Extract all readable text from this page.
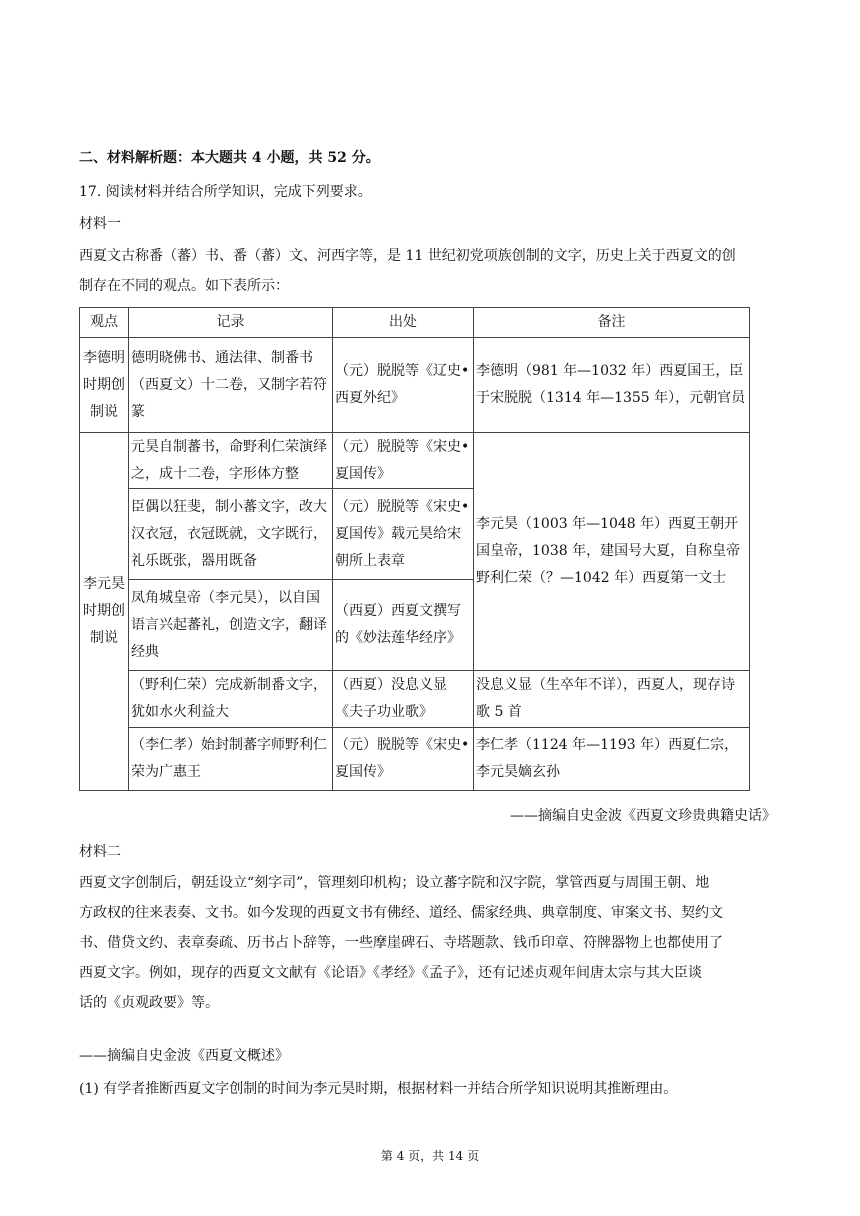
二、材料解析题：本大题共 4 小题，共 52 分。
17. 阅读材料并结合所学知识，完成下列要求。
材料一
西夏文古称番（蕃）书、番（蕃）文、河西字等，是 11 世纪初党项族创制的文字，历史上关于西夏文的创
制存在不同的观点。如下表所示：
观点	记录	出处	备注
李德明时期创制说	德明晓佛书、通法律、制番书（西夏文）十二卷，又制字若符篆	（元）脱脱等《辽史•西夏外纪》	李德明（981 年—1032 年）西夏国王，臣于宋脱脱（1314 年—1355 年），元朝官员
李元昊时期创制说	元昊自制蕃书，命野利仁荣演绎之，成十二卷，字形体方整	（元）脱脱等《宋史•夏国传》	李元昊（1003 年—1048 年）西夏王朝开国皇帝，1038 年，建国号大夏，自称皇帝野利仁荣（？—1042 年）西夏第一文士
	臣偶以狂斐，制小蕃文字，改大汉衣冠，衣冠既就，文字既行，礼乐既张，器用既备	（元）脱脱等《宋史•夏国传》载元昊给宋朝所上表章	
	凤角城皇帝（李元昊），以自国语言兴起蕃礼，创造文字，翻译经典	（西夏）西夏文撰写的《妙法莲华经序》	
	（野利仁荣）完成新制番文字，犹如水火利益大	（西夏）没息义显《夫子功业歌》	没息义显（生卒年不详），西夏人，现存诗歌 5 首
	（李仁孝）始封制蕃字师野利仁荣为广惠王	（元）脱脱等《宋史•夏国传》	李仁孝（1124 年—1193 年）西夏仁宗，李元昊嫡玄孙
——摘编自史金波《西夏文珍贵典籍史话》
材料二
西夏文字创制后，朝廷设立“刻字司”，管理刻印机构；设立蕃字院和汉字院，掌管西夏与周围王朝、地
方政权的往来表奏、文书。如今发现的西夏文书有佛经、道经、儒家经典、典章制度、审案文书、契约文
书、借贷文约、表章奏疏、历书占卜辞等，一些摩崖碑石、寺塔题款、钱币印章、符牌器物上也都使用了
西夏文字。例如，现存的西夏文文献有《论语》《孝经》《孟子》，还有记述贞观年间唐太宗与其大臣谈
话的《贞观政要》等。
——摘编自史金波《西夏文概述》
(1) 有学者推断西夏文字创制的时间为李元昊时期，根据材料一并结合所学知识说明其推断理由。
第 4 页，共 14 页
